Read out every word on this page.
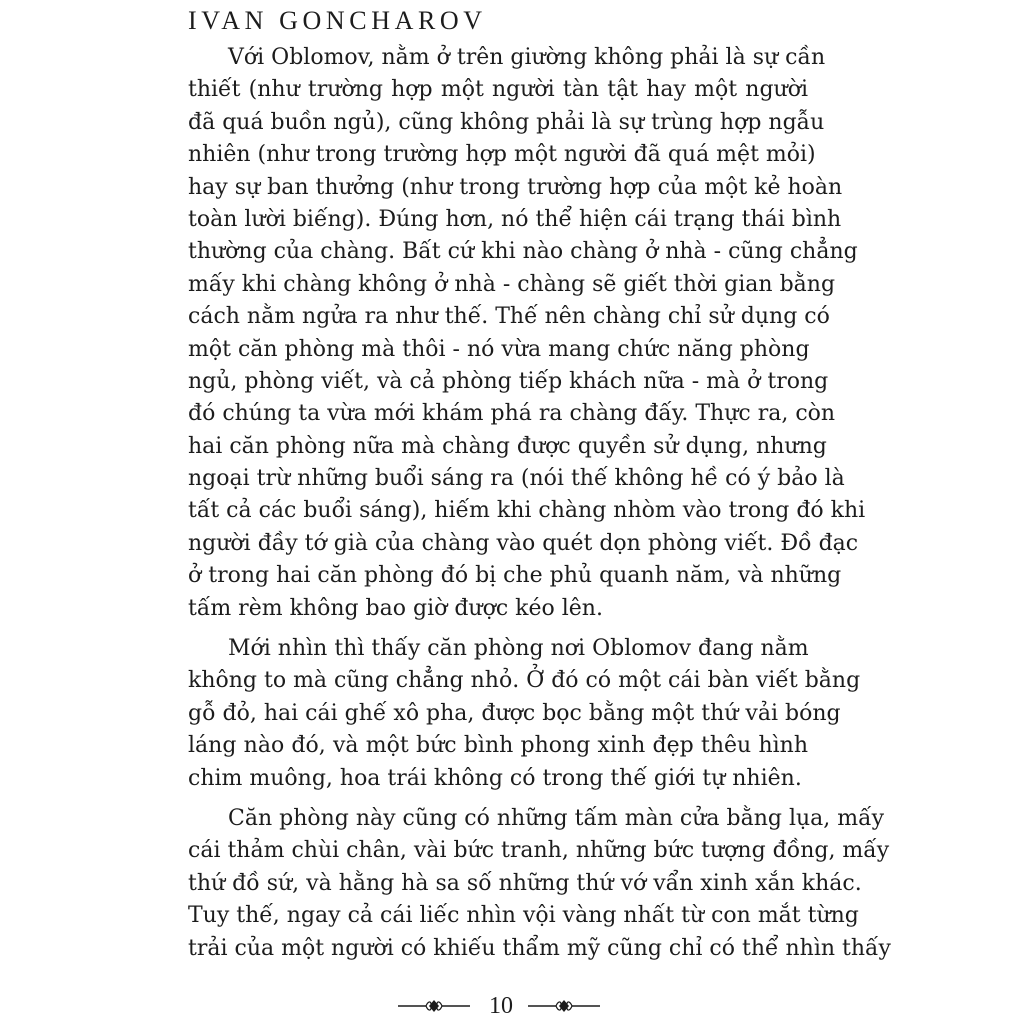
IVAN GONCHAROV
Với Oblomov, nằm ở trên giường không phải là sự cần
thiết (như trường hợp một người tàn tật hay một người
đã quá buồn ngủ), cũng không phải là sự trùng hợp ngẫu
nhiên (như trong trường hợp một người đã quá mệt mỏi)
hay sự ban thưởng (như trong trường hợp của một kẻ hoàn
toàn lười biếng). Đúng hơn, nó thể hiện cái trạng thái bình
thường của chàng. Bất cứ khi nào chàng ở nhà - cũng chẳng
mấy khi chàng không ở nhà - chàng sẽ giết thời gian bằng
cách nằm ngửa ra như thế. Thế nên chàng chỉ sử dụng có
một căn phòng mà thôi - nó vừa mang chức năng phòng
ngủ, phòng viết, và cả phòng tiếp khách nữa - mà ở trong
đó chúng ta vừa mới khám phá ra chàng đấy. Thực ra, còn
hai căn phòng nữa mà chàng được quyền sử dụng, nhưng
ngoại trừ những buổi sáng ra (nói thế không hề có ý bảo là
tất cả các buổi sáng), hiếm khi chàng nhòm vào trong đó khi
người đầy tớ già của chàng vào quét dọn phòng viết. Đồ đạc
ở trong hai căn phòng đó bị che phủ quanh năm, và những
tấm rèm không bao giờ được kéo lên.
Mới nhìn thì thấy căn phòng nơi Oblomov đang nằm
không to mà cũng chẳng nhỏ. Ở đó có một cái bàn viết bằng
gỗ đỏ, hai cái ghế xô pha, được bọc bằng một thứ vải bóng
láng nào đó, và một bức bình phong xinh đẹp thêu hình
chim muông, hoa trái không có trong thế giới tự nhiên.
Căn phòng này cũng có những tấm màn cửa bằng lụa, mấy
cái thảm chùi chân, vài bức tranh, những bức tượng đồng, mấy
thứ đồ sứ, và hằng hà sa số những thứ vớ vẩn xinh xắn khác.
Tuy thế, ngay cả cái liếc nhìn vội vàng nhất từ con mắt từng
trải của một người có khiếu thẩm mỹ cũng chỉ có thể nhìn thấy
10
